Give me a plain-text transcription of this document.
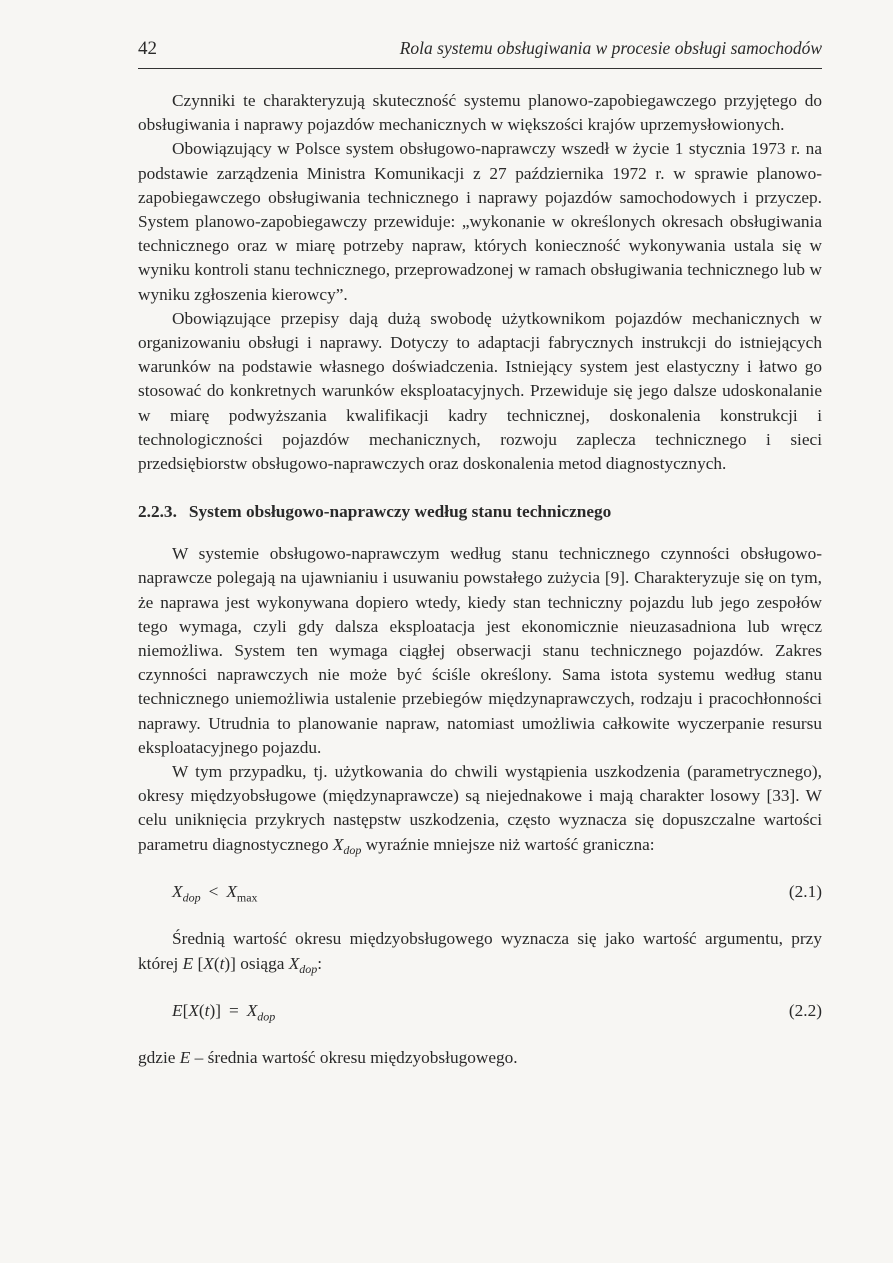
42	Rola systemu obsługiwania w procesie obsługi samochodów

Czynniki te charakteryzują skuteczność systemu planowo-zapobiegawczego przyjętego do obsługiwania i naprawy pojazdów mechanicznych w większości krajów uprzemysłowionych.

Obowiązujący w Polsce system obsługowo-naprawczy wszedł w życie 1 stycznia 1973 r. na podstawie zarządzenia Ministra Komunikacji z 27 października 1972 r. w sprawie planowo-zapobiegawczego obsługiwania technicznego i naprawy pojazdów samochodowych i przyczep. System planowo-zapobiegawczy przewiduje: „wykonanie w określonych okresach obsługiwania technicznego oraz w miarę potrzeby napraw, których konieczność wykonywania ustala się w wyniku kontroli stanu technicznego, przeprowadzonej w ramach obsługiwania technicznego lub w wyniku zgłoszenia kierowcy”.

Obowiązujące przepisy dają dużą swobodę użytkownikom pojazdów mechanicznych w organizowaniu obsługi i naprawy. Dotyczy to adaptacji fabrycznych instrukcji do istniejących warunków na podstawie własnego doświadczenia. Istniejący system jest elastyczny i łatwo go stosować do konkretnych warunków eksploatacyjnych. Przewiduje się jego dalsze udoskonalanie w miarę podwyższania kwalifikacji kadry technicznej, doskonalenia konstrukcji i technologiczności pojazdów mechanicznych, rozwoju zaplecza technicznego i sieci przedsiębiorstw obsługowo-naprawczych oraz doskonalenia metod diagnostycznych.

2.2.3. System obsługowo-naprawczy według stanu technicznego

W systemie obsługowo-naprawczym według stanu technicznego czynności obsługowo-naprawcze polegają na ujawnianiu i usuwaniu powstałego zużycia [9]. Charakteryzuje się on tym, że naprawa jest wykonywana dopiero wtedy, kiedy stan techniczny pojazdu lub jego zespołów tego wymaga, czyli gdy dalsza eksploatacja jest ekonomicznie nieuzasadniona lub wręcz niemożliwa. System ten wymaga ciągłej obserwacji stanu technicznego pojazdów. Zakres czynności naprawczych nie może być ściśle określony. Sama istota systemu według stanu technicznego uniemożliwia ustalenie przebiegów międzynaprawczych, rodzaju i pracochłonności naprawy. Utrudnia to planowanie napraw, natomiast umożliwia całkowite wyczerpanie resursu eksploatacyjnego pojazdu.

W tym przypadku, tj. użytkowania do chwili wystąpienia uszkodzenia (parametrycznego), okresy międzyobsługowe (międzynaprawcze) są niejednakowe i mają charakter losowy [33]. W celu uniknięcia przykrych następstw uszkodzenia, często wyznacza się dopuszczalne wartości parametru diagnostycznego $X_{dop}$ wyraźnie mniejsze niż wartość graniczna:

$X_{dop} < X_{max}$	(2.1)

Średnią wartość okresu międzyobsługowego wyznacza się jako wartość argumentu, przy której E [X(t)] osiąga $X_{dop}$:

$E[X(t)] = X_{dop}$	(2.2)

gdzie E – średnia wartość okresu międzyobsługowego.
